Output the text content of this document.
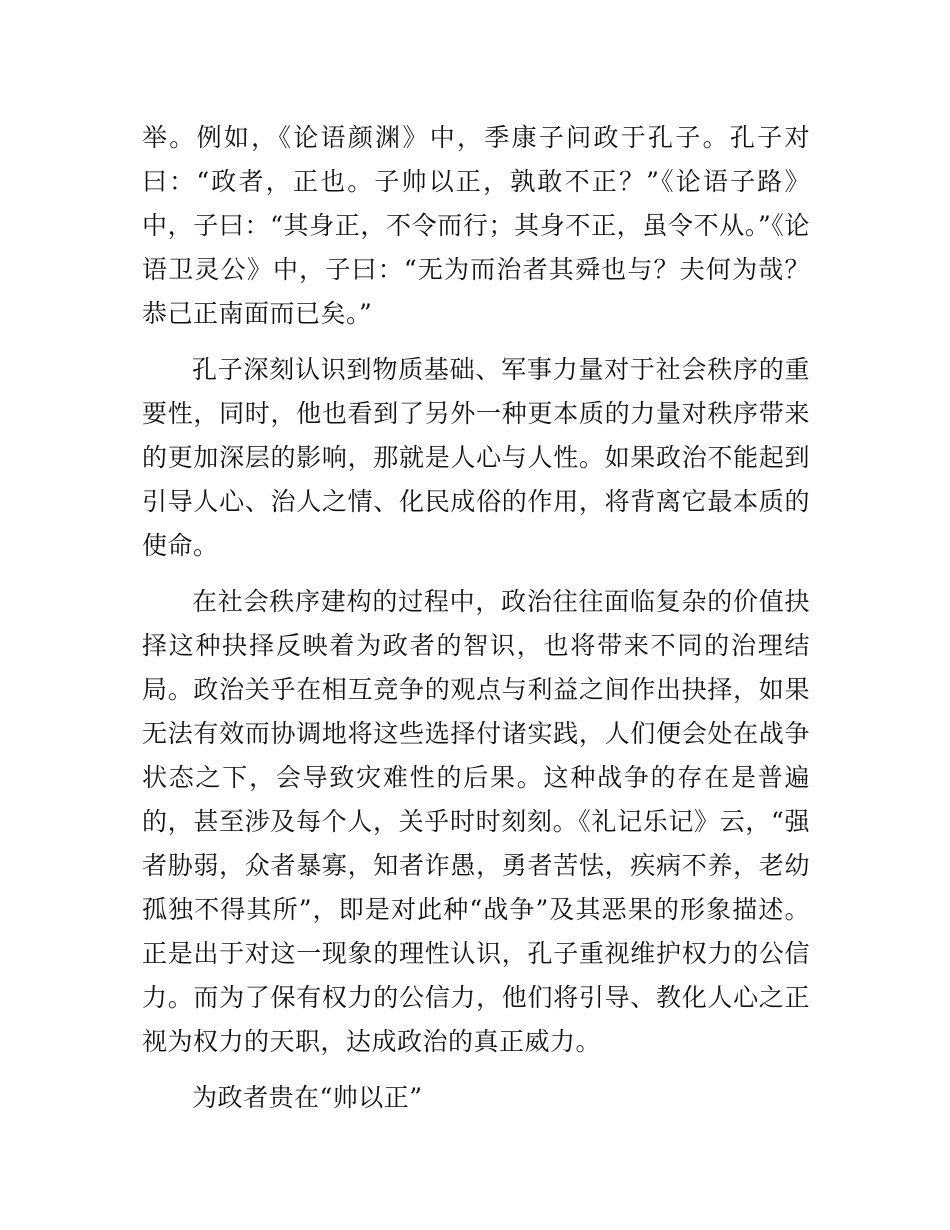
举。例如，《论语颜渊》中，季康子问政于孔子。孔子对曰：“政者，正也。子帅以正，孰敢不正？”《论语子路》中，子曰：“其身正，不令而行；其身不正，虽令不从。”《论语卫灵公》中，子曰：“无为而治者其舜也与？夫何为哉？恭己正南面而已矣。”

孔子深刻认识到物质基础、军事力量对于社会秩序的重要性，同时，他也看到了另外一种更本质的力量对秩序带来的更加深层的影响，那就是人心与人性。如果政治不能起到引导人心、治人之情、化民成俗的作用，将背离它最本质的使命。

在社会秩序建构的过程中，政治往往面临复杂的价值抉择这种抉择反映着为政者的智识，也将带来不同的治理结局。政治关乎在相互竞争的观点与利益之间作出抉择，如果无法有效而协调地将这些选择付诸实践，人们便会处在战争状态之下，会导致灾难性的后果。这种战争的存在是普遍的，甚至涉及每个人，关乎时时刻刻。《礼记乐记》云，“强者胁弱，众者暴寡，知者诈愚，勇者苦怯，疾病不养，老幼孤独不得其所”，即是对此种“战争”及其恶果的形象描述。正是出于对这一现象的理性认识，孔子重视维护权力的公信力。而为了保有权力的公信力，他们将引导、教化人心之正视为权力的天职，达成政治的真正威力。

为政者贵在“帅以正”
